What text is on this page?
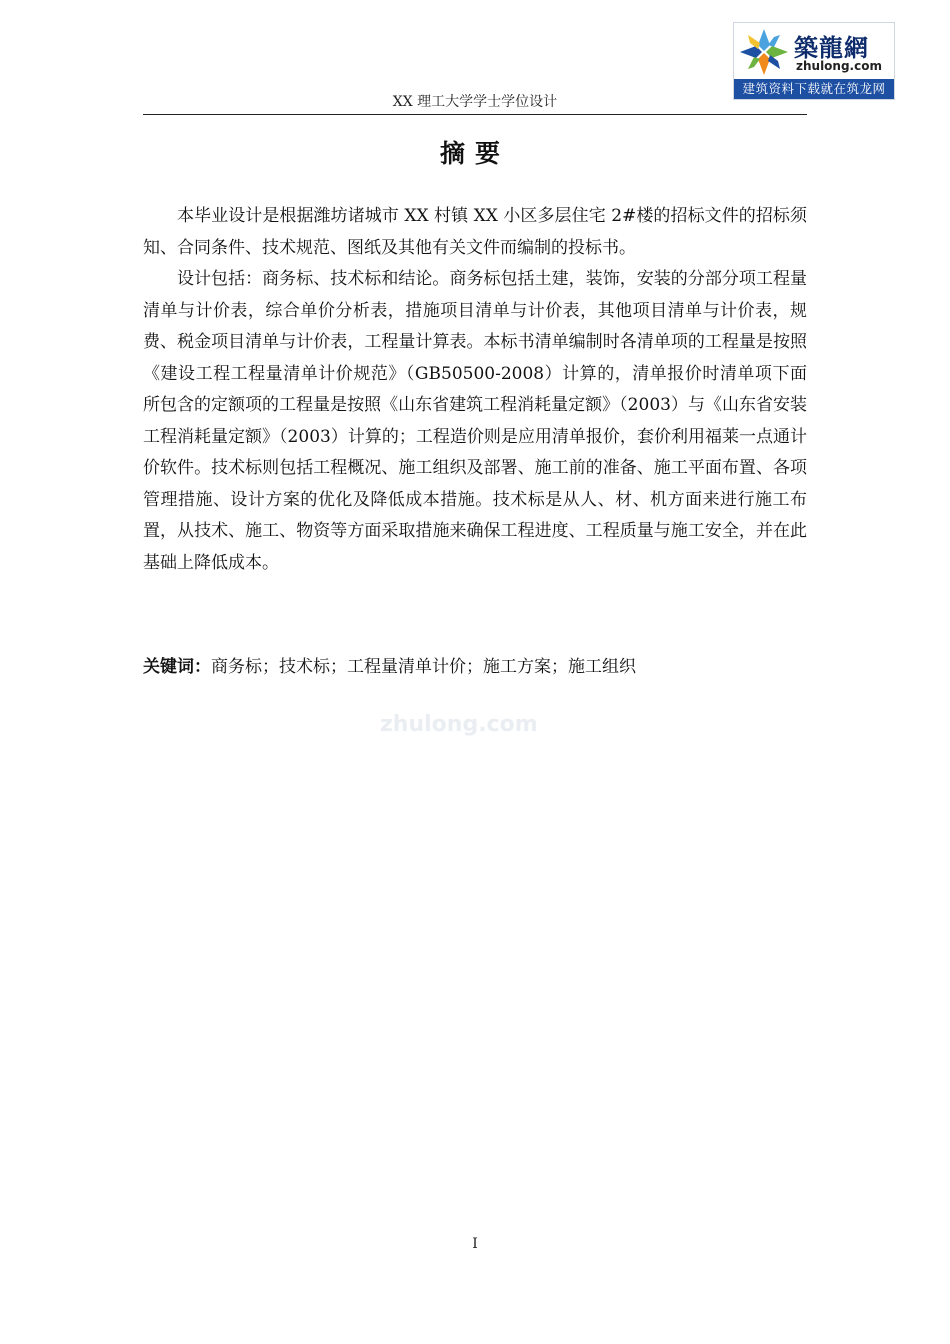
築龍網
zhulong.com
建筑资料下载就在筑龙网
XX 理工大学学士学位设计
摘要

本毕业设计是根据潍坊诸城市 XX 村镇 XX 小区多层住宅 2#楼的招标文件的招标须知、合同条件、技术规范、图纸及其他有关文件而编制的投标书。

设计包括：商务标、技术标和结论。商务标包括土建，装饰，安装的分部分项工程量清单与计价表，综合单价分析表，措施项目清单与计价表，其他项目清单与计价表，规费、税金项目清单与计价表，工程量计算表。本标书清单编制时各清单项的工程量是按照《建设工程工程量清单计价规范》（GB50500-2008）计算的，清单报价时清单项下面所包含的定额项的工程量是按照《山东省建筑工程消耗量定额》（2003）与《山东省安装工程消耗量定额》（2003）计算的；工程造价则是应用清单报价，套价利用福莱一点通计价软件。技术标则包括工程概况、施工组织及部署、施工前的准备、施工平面布置、各项管理措施、设计方案的优化及降低成本措施。技术标是从人、材、机方面来进行施工布置，从技术、施工、物资等方面采取措施来确保工程进度、工程质量与施工安全，并在此基础上降低成本。

关键词：商务标；技术标；工程量清单计价；施工方案；施工组织

zhulong.com
I
